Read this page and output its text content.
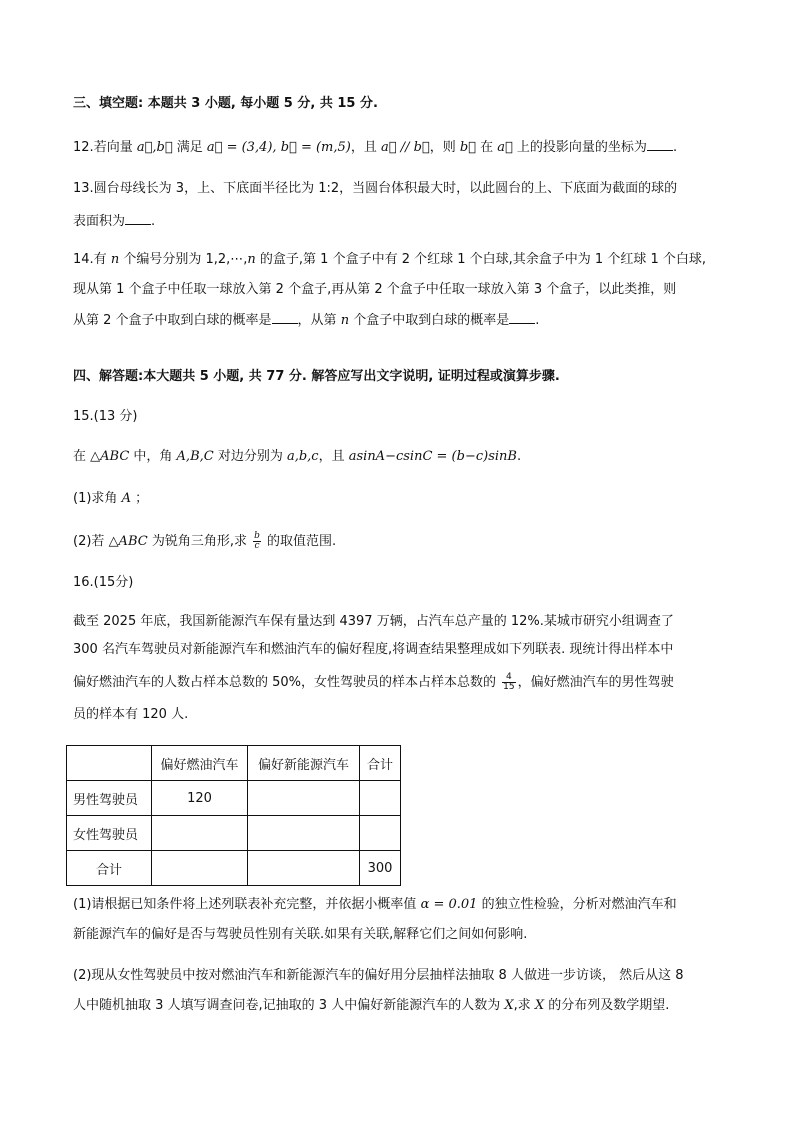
三、填空题: 本题共 3 小题, 每小题 5 分, 共 15 分.
12.若向量 a⃗,b⃗ 满足 a⃗ = (3,4), b⃗ = (m,5)，且 a⃗ // b⃗，则 b⃗ 在 a⃗ 上的投影向量的坐标为 .
13.圆台母线长为 3，上、下底面半径比为 1:2，当圆台体积最大时，以此圆台的上、下底面为截面的球的
表面积为 .
14.有 n 个编号分别为 1,2,⋯,n 的盒子,第 1 个盒子中有 2 个红球 1 个白球,其余盒子中为 1 个红球 1 个白球,
现从第 1 个盒子中任取一球放入第 2 个盒子,再从第 2 个盒子中任取一球放入第 3 个盒子，以此类推，则
从第 2 个盒子中取到白球的概率是 ，从第 n 个盒子中取到白球的概率是 .
四、解答题:本大题共 5 小题, 共 77 分. 解答应写出文字说明, 证明过程或演算步骤.
15.(13 分)
在 △ABC 中，角 A,B,C 对边分别为 a,b,c，且 asinA−csinC = (b−c)sinB.
(1)求角 A ；
(2)若 △ABC 为锐角三角形,求 $\frac{b}{c}$ 的取值范围.
16.(15分)
截至 2025 年底，我国新能源汽车保有量达到 4397 万辆，占汽车总产量的 12%.某城市研究小组调查了
300 名汽车驾驶员对新能源汽车和燃油汽车的偏好程度,将调查结果整理成如下列联表. 现统计得出样本中
偏好燃油汽车的人数占样本总数的 50%，女性驾驶员的样本占样本总数的 $\frac{4}{15}$ ，偏好燃油汽车的男性驾驶
员的样本有 120 人.
	偏好燃油汽车	偏好新能源汽车	合计
男性驾驶员	120		
女性驾驶员			
合计			300
(1)请根据已知条件将上述列联表补充完整，并依据小概率值 α = 0.01 的独立性检验，分析对燃油汽车和
新能源汽车的偏好是否与驾驶员性别有关联.如果有关联,解释它们之间如何影响.
(2)现从女性驾驶员中按对燃油汽车和新能源汽车的偏好用分层抽样法抽取 8 人做进一步访谈， 然后从这 8
人中随机抽取 3 人填写调查问卷,记抽取的 3 人中偏好新能源汽车的人数为 X,求 X 的分布列及数学期望.
